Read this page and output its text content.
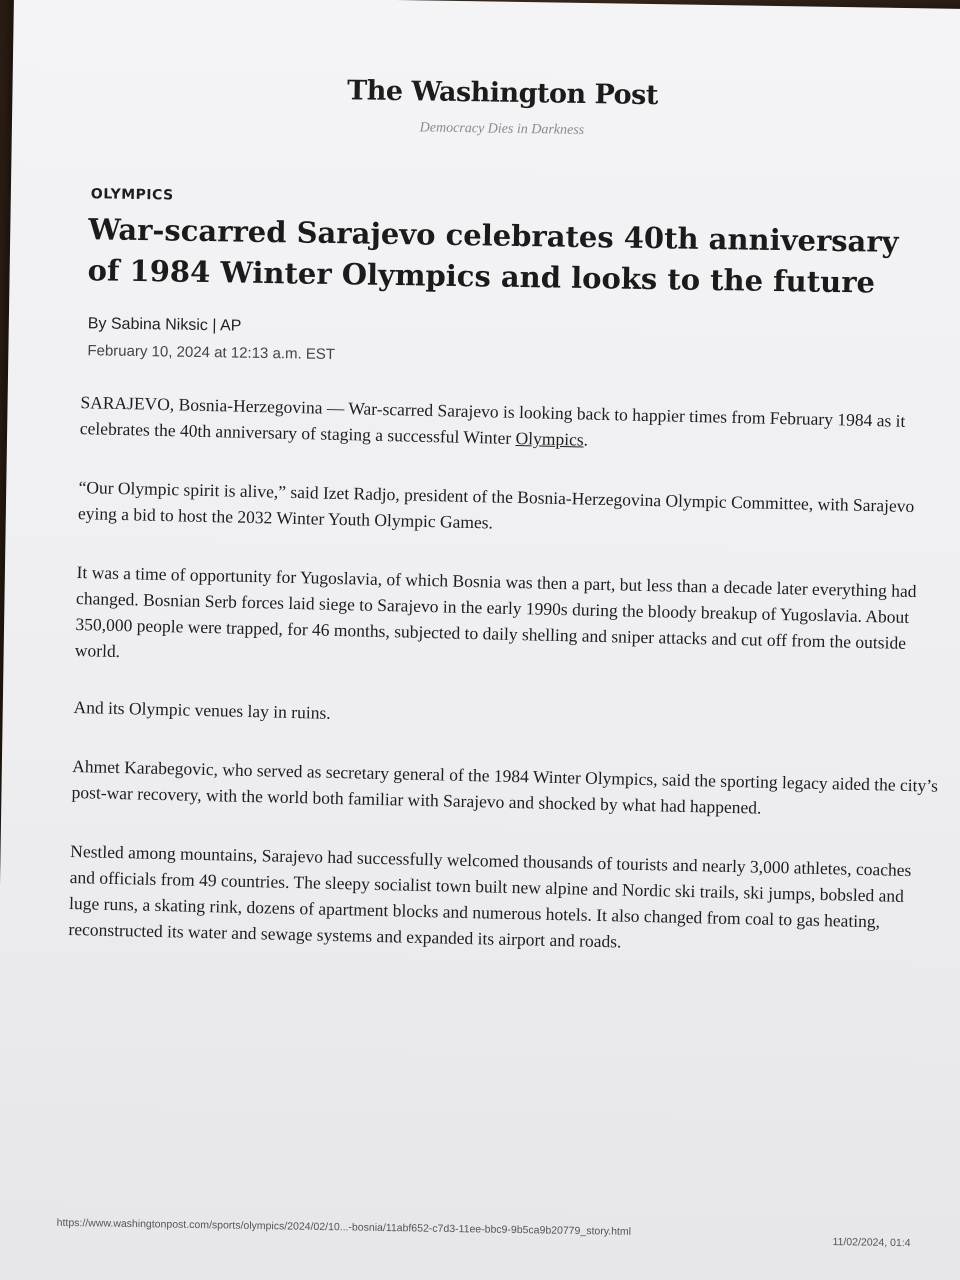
The Washington Post
Democracy Dies in Darkness
OLYMPICS
War-scarred Sarajevo celebrates 40th anniversary of 1984 Winter Olympics and looks to the future
By Sabina Niksic | AP
February 10, 2024 at 12:13 a.m. EST

SARAJEVO, Bosnia-Herzegovina — War-scarred Sarajevo is looking back to happier times from February 1984 as it celebrates the 40th anniversary of staging a successful Winter Olympics.

“Our Olympic spirit is alive,” said Izet Radjo, president of the Bosnia-Herzegovina Olympic Committee, with Sarajevo eying a bid to host the 2032 Winter Youth Olympic Games.

It was a time of opportunity for Yugoslavia, of which Bosnia was then a part, but less than a decade later everything had changed. Bosnian Serb forces laid siege to Sarajevo in the early 1990s during the bloody breakup of Yugoslavia. About 350,000 people were trapped, for 46 months, subjected to daily shelling and sniper attacks and cut off from the outside world.

And its Olympic venues lay in ruins.

Ahmet Karabegovic, who served as secretary general of the 1984 Winter Olympics, said the sporting legacy aided the city’s post-war recovery, with the world both familiar with Sarajevo and shocked by what had happened.

Nestled among mountains, Sarajevo had successfully welcomed thousands of tourists and nearly 3,000 athletes, coaches and officials from 49 countries. The sleepy socialist town built new alpine and Nordic ski trails, ski jumps, bobsled and luge runs, a skating rink, dozens of apartment blocks and numerous hotels. It also changed from coal to gas heating, reconstructed its water and sewage systems and expanded its airport and roads.

https://www.washingtonpost.com/sports/olympics/2024/02/10...-bosnia/11abf652-c7d3-11ee-bbc9-9b5ca9b20779_story.html
11/02/2024, 01:4
